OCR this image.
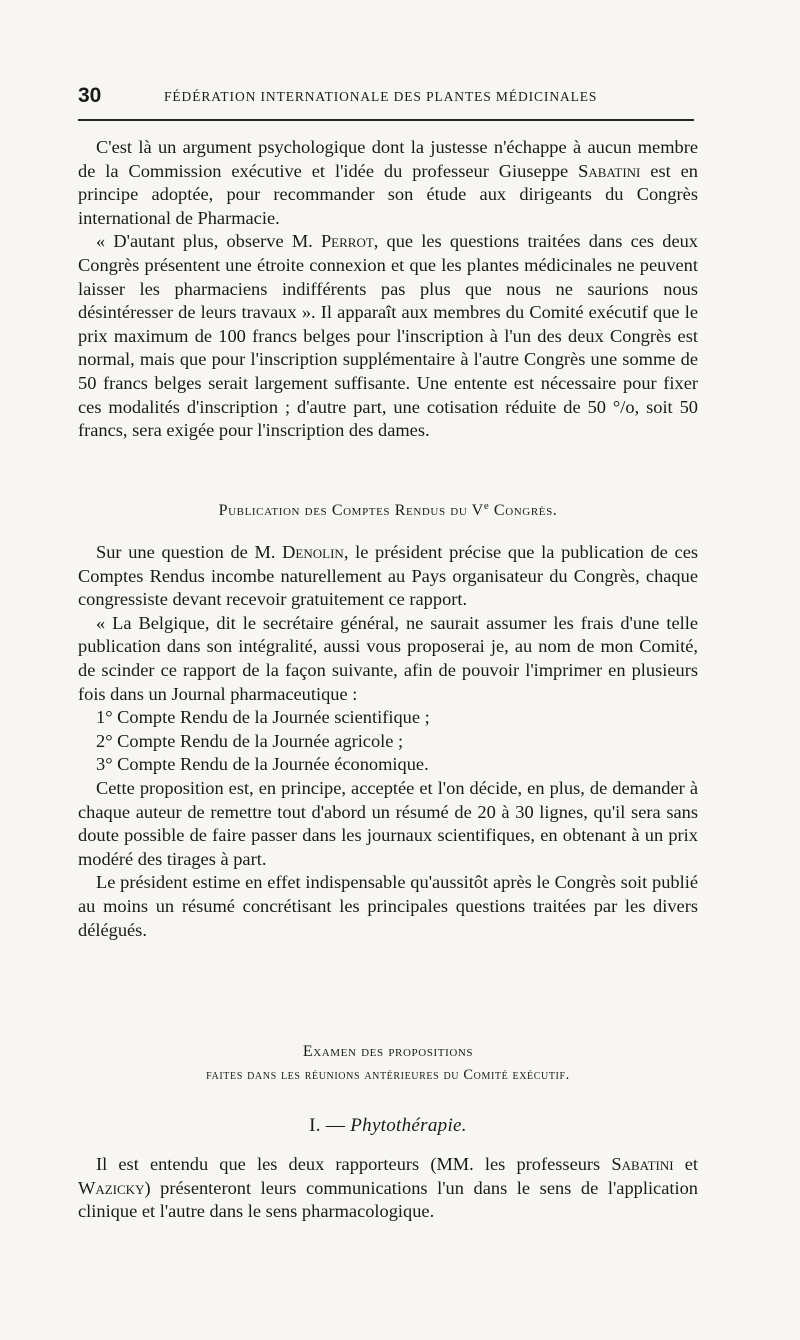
30	FÉDÉRATION INTERNATIONALE DES PLANTES MÉDICINALES

C'est là un argument psychologique dont la justesse n'échappe à aucun membre de la Commission exécutive et l'idée du professeur Giuseppe Sabatini est en principe adoptée, pour recommander son étude aux dirigeants du Congrès international de Pharmacie.

« D'autant plus, observe M. Perrot, que les questions traitées dans ces deux Congrès présentent une étroite connexion et que les plantes médicinales ne peuvent laisser les pharmaciens indifférents pas plus que nous ne saurions nous désintéresser de leurs travaux ». Il apparaît aux membres du Comité exécutif que le prix maximum de 100 francs belges pour l'inscription à l'un des deux Congrès est normal, mais que pour l'inscription supplémentaire à l'autre Congrès une somme de 50 francs belges serait largement suffisante. Une entente est nécessaire pour fixer ces modalités d'inscription ; d'autre part, une cotisation réduite de 50 °/o, soit 50 francs, sera exigée pour l'inscription des dames.

Publication des Comptes Rendus du Ve Congrès.

Sur une question de M. Denolin, le président précise que la publication de ces Comptes Rendus incombe naturellement au Pays organisateur du Congrès, chaque congressiste devant recevoir gratuitement ce rapport.

« La Belgique, dit le secrétaire général, ne saurait assumer les frais d'une telle publication dans son intégralité, aussi vous proposerai je, au nom de mon Comité, de scinder ce rapport de la façon suivante, afin de pouvoir l'imprimer en plusieurs fois dans un Journal pharmaceutique :

1° Compte Rendu de la Journée scientifique ;

2° Compte Rendu de la Journée agricole ;

3° Compte Rendu de la Journée économique.

Cette proposition est, en principe, acceptée et l'on décide, en plus, de demander à chaque auteur de remettre tout d'abord un résumé de 20 à 30 lignes, qu'il sera sans doute possible de faire passer dans les journaux scientifiques, en obtenant à un prix modéré des tirages à part.

Le président estime en effet indispensable qu'aussitôt après le Congrès soit publié au moins un résumé concrétisant les principales questions traitées par les divers délégués.

Examen des propositions
faites dans les réunions antérieures du Comité exécutif.
I. — Phytothérapie.

Il est entendu que les deux rapporteurs (MM. les professeurs Sabatini et Wazicky) présenteront leurs communications l'un dans le sens de l'application clinique et l'autre dans le sens pharmacologique.
